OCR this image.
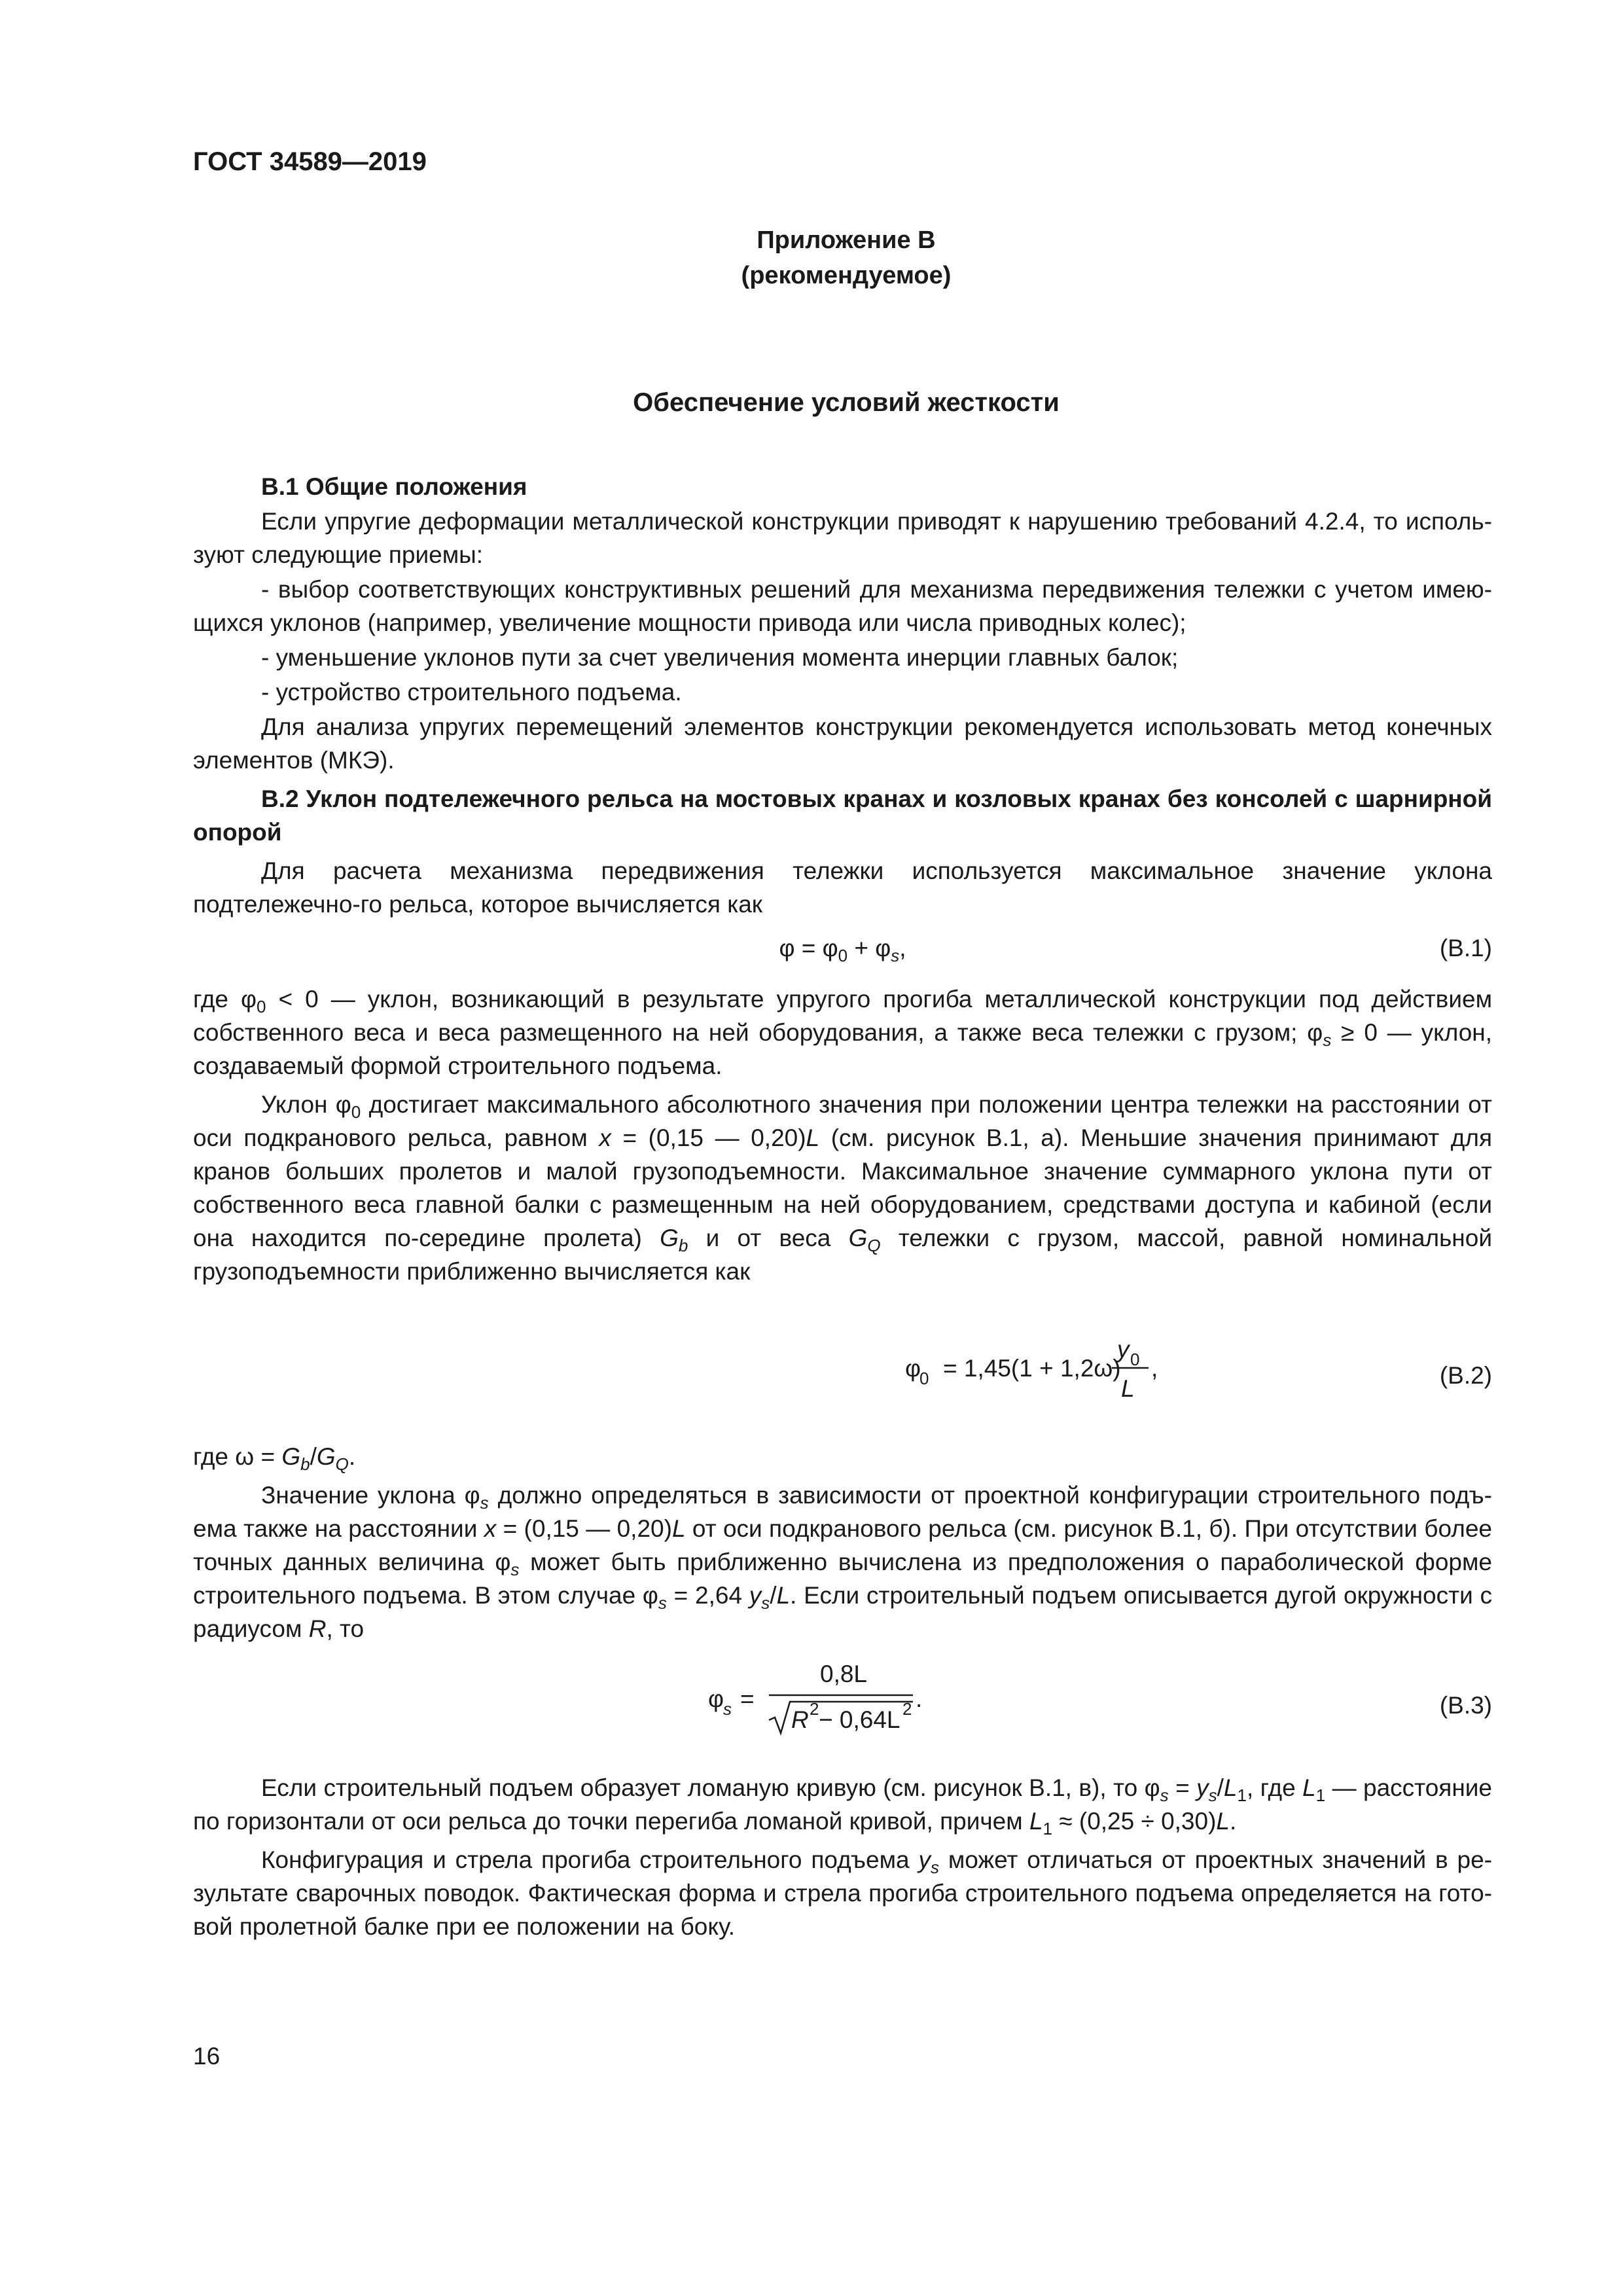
ГОСТ 34589—2019
Приложение В
(рекомендуемое)
Обеспечение условий жесткости
В.1 Общие положения
Если упругие деформации металлической конструкции приводят к нарушению требований 4.2.4, то исполь-зуют следующие приемы:
- выбор соответствующих конструктивных решений для механизма передвижения тележки с учетом имею-щихся уклонов (например, увеличение мощности привода или числа приводных колес);
- уменьшение уклонов пути за счет увеличения момента инерции главных балок;
- устройство строительного подъема.
Для анализа упругих перемещений элементов конструкции рекомендуется использовать метод конечных элементов (МКЭ).
В.2 Уклон подтележечного рельса на мостовых кранах и козловых кранах без консолей с шарнирной опорой
Для расчета механизма передвижения тележки используется максимальное значение уклона подтележечно-го рельса, которое вычисляется как
$\varphi = \varphi_0 + \varphi_s$,	(В.1)
где $\varphi_0 < 0$ — уклон, возникающий в результате упругого прогиба металлической конструкции под действием собственного веса и веса размещенного на ней оборудования, а также веса тележки с грузом; $\varphi_s \ge 0$ — уклон, создаваемый формой строительного подъема.
Уклон $\varphi_0$ достигает максимального абсолютного значения при положении центра тележки на расстоянии от оси подкранового рельса, равном x = (0,15 — 0,20)L (см. рисунок В.1, а). Меньшие значения принимают для кранов больших пролетов и малой грузоподъемности. Максимальное значение суммарного уклона пути от собственного веса главной балки с размещенным на ней оборудованием, средствами доступа и кабиной (если она находится по-середине пролета) $G_b$ и от веса $G_Q$ тележки с грузом, массой, равной номинальной грузоподъемности приближенно вычисляется как
φ
0 = 1,45(1 + 1,2ω)
y 0
L
,	(В.2)
где $\omega = G_b/G_Q$.
Значение уклона $\varphi_s$ должно определяться в зависимости от проектной конфигурации строительного подъ-ема также на расстоянии x = (0,15 — 0,20)L от оси подкранового рельса (см. рисунок В.1, б). При отсутствии более точных данных величина $\varphi_s$ может быть приближенно вычислена из предположения о параболической форме строительного подъема. В этом случае $\varphi_s = 2,64$ $y_s/L$. Если строительный подъем описывается дугой окружности с радиусом R, то
φ s =
0,8L
R 2 − 0,64L 2 .	(В.3)
Если строительный подъем образует ломаную кривую (см. рисунок В.1, в), то $\varphi_s = y_s/L_1$, где $L_1$ — расстояние по горизонтали от оси рельса до точки перегиба ломаной кривой, причем $L_1 \approx (0,25 \div 0,30)L$.
Конфигурация и стрела прогиба строительного подъема $y_s$ может отличаться от проектных значений в ре-зультате сварочных поводок. Фактическая форма и стрела прогиба строительного подъема определяется на гото-вой пролетной балке при ее положении на боку.
16
